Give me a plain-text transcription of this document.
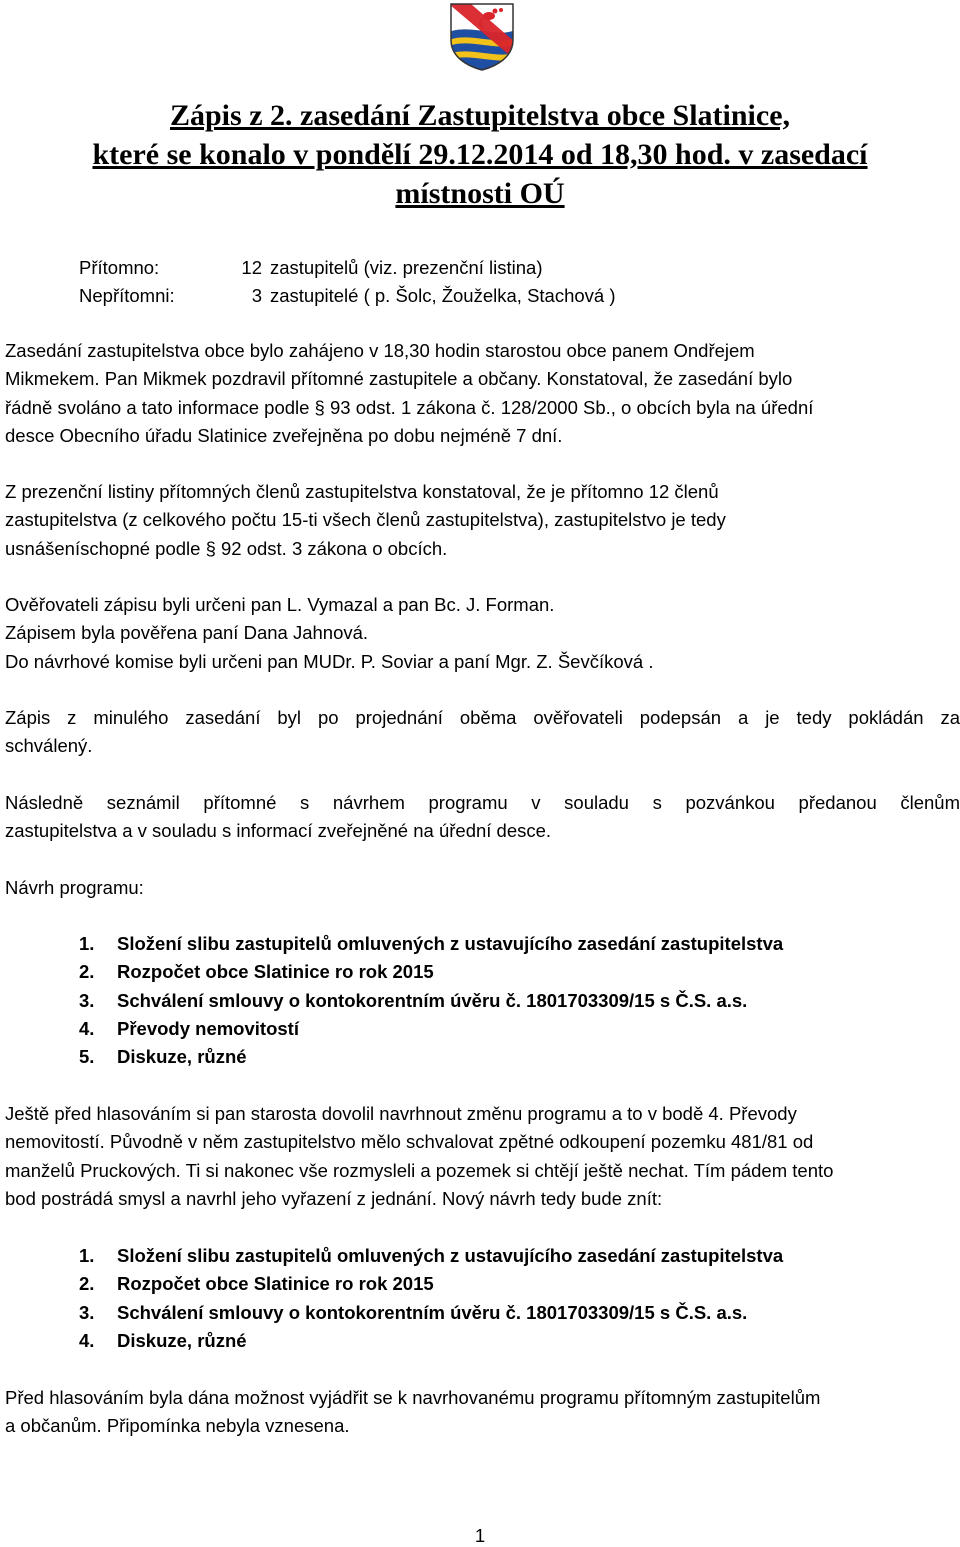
Zápis z 2. zasedání Zastupitelstva obce Slatinice,
které se konalo v pondělí 29.12.2014 od 18,30 hod. v zasedací
místnosti OÚ
Přítomno:	12 zastupitelů (viz. prezenční listina)
Nepřítomni:	3 zastupitelé ( p. Šolc, Žouželka, Stachová )

Zasedání zastupitelstva obce bylo zahájeno v 18,30 hodin starostou obce panem Ondřejem
Mikmekem. Pan Mikmek pozdravil přítomné zastupitele a občany. Konstatoval, že zasedání bylo
řádně svoláno a tato informace podle § 93 odst. 1 zákona č. 128/2000 Sb., o obcích byla na úřední
desce Obecního úřadu Slatinice zveřejněna po dobu nejméně 7 dní.

Z prezenční listiny přítomných členů zastupitelstva konstatoval, že je přítomno 12 členů
zastupitelstva (z celkového počtu 15-ti všech členů zastupitelstva), zastupitelstvo je tedy
usnášeníschopné podle § 92 odst. 3 zákona o obcích.

Ověřovateli zápisu byli určeni pan L. Vymazal a pan Bc. J. Forman.
Zápisem byla pověřena paní Dana Jahnová.
Do návrhové komise byli určeni pan MUDr. P. Soviar a paní Mgr. Z. Ševčíková .

Zápis z minulého zasedání byl po projednání oběma ověřovateli podepsán a je tedy pokládán za
schválený.

Následně seznámil přítomné s návrhem programu v souladu s pozvánkou předanou členům
zastupitelstva a v souladu s informací zveřejněné na úřední desce.

Návrh programu:

1. Složení slibu zastupitelů omluvených z ustavujícího zasedání zastupitelstva
2. Rozpočet obce Slatinice ro rok 2015
3. Schválení smlouvy o kontokorentním úvěru č. 1801703309/15 s Č.S. a.s.
4. Převody nemovitostí
5. Diskuze, různé

Ještě před hlasováním si pan starosta dovolil navrhnout změnu programu a to v bodě 4. Převody
nemovitostí. Původně v něm zastupitelstvo mělo schvalovat zpětné odkoupení pozemku 481/81 od
manželů Pruckových. Ti si nakonec vše rozmysleli a pozemek si chtějí ještě nechat. Tím pádem tento
bod postrádá smysl a navrhl jeho vyřazení z jednání. Nový návrh tedy bude znít:

1. Složení slibu zastupitelů omluvených z ustavujícího zasedání zastupitelstva
2. Rozpočet obce Slatinice ro rok 2015
3. Schválení smlouvy o kontokorentním úvěru č. 1801703309/15 s Č.S. a.s.
4. Diskuze, různé

Před hlasováním byla dána možnost vyjádřit se k navrhovanému programu přítomným zastupitelům
a občanům. Připomínka nebyla vznesena.

1
